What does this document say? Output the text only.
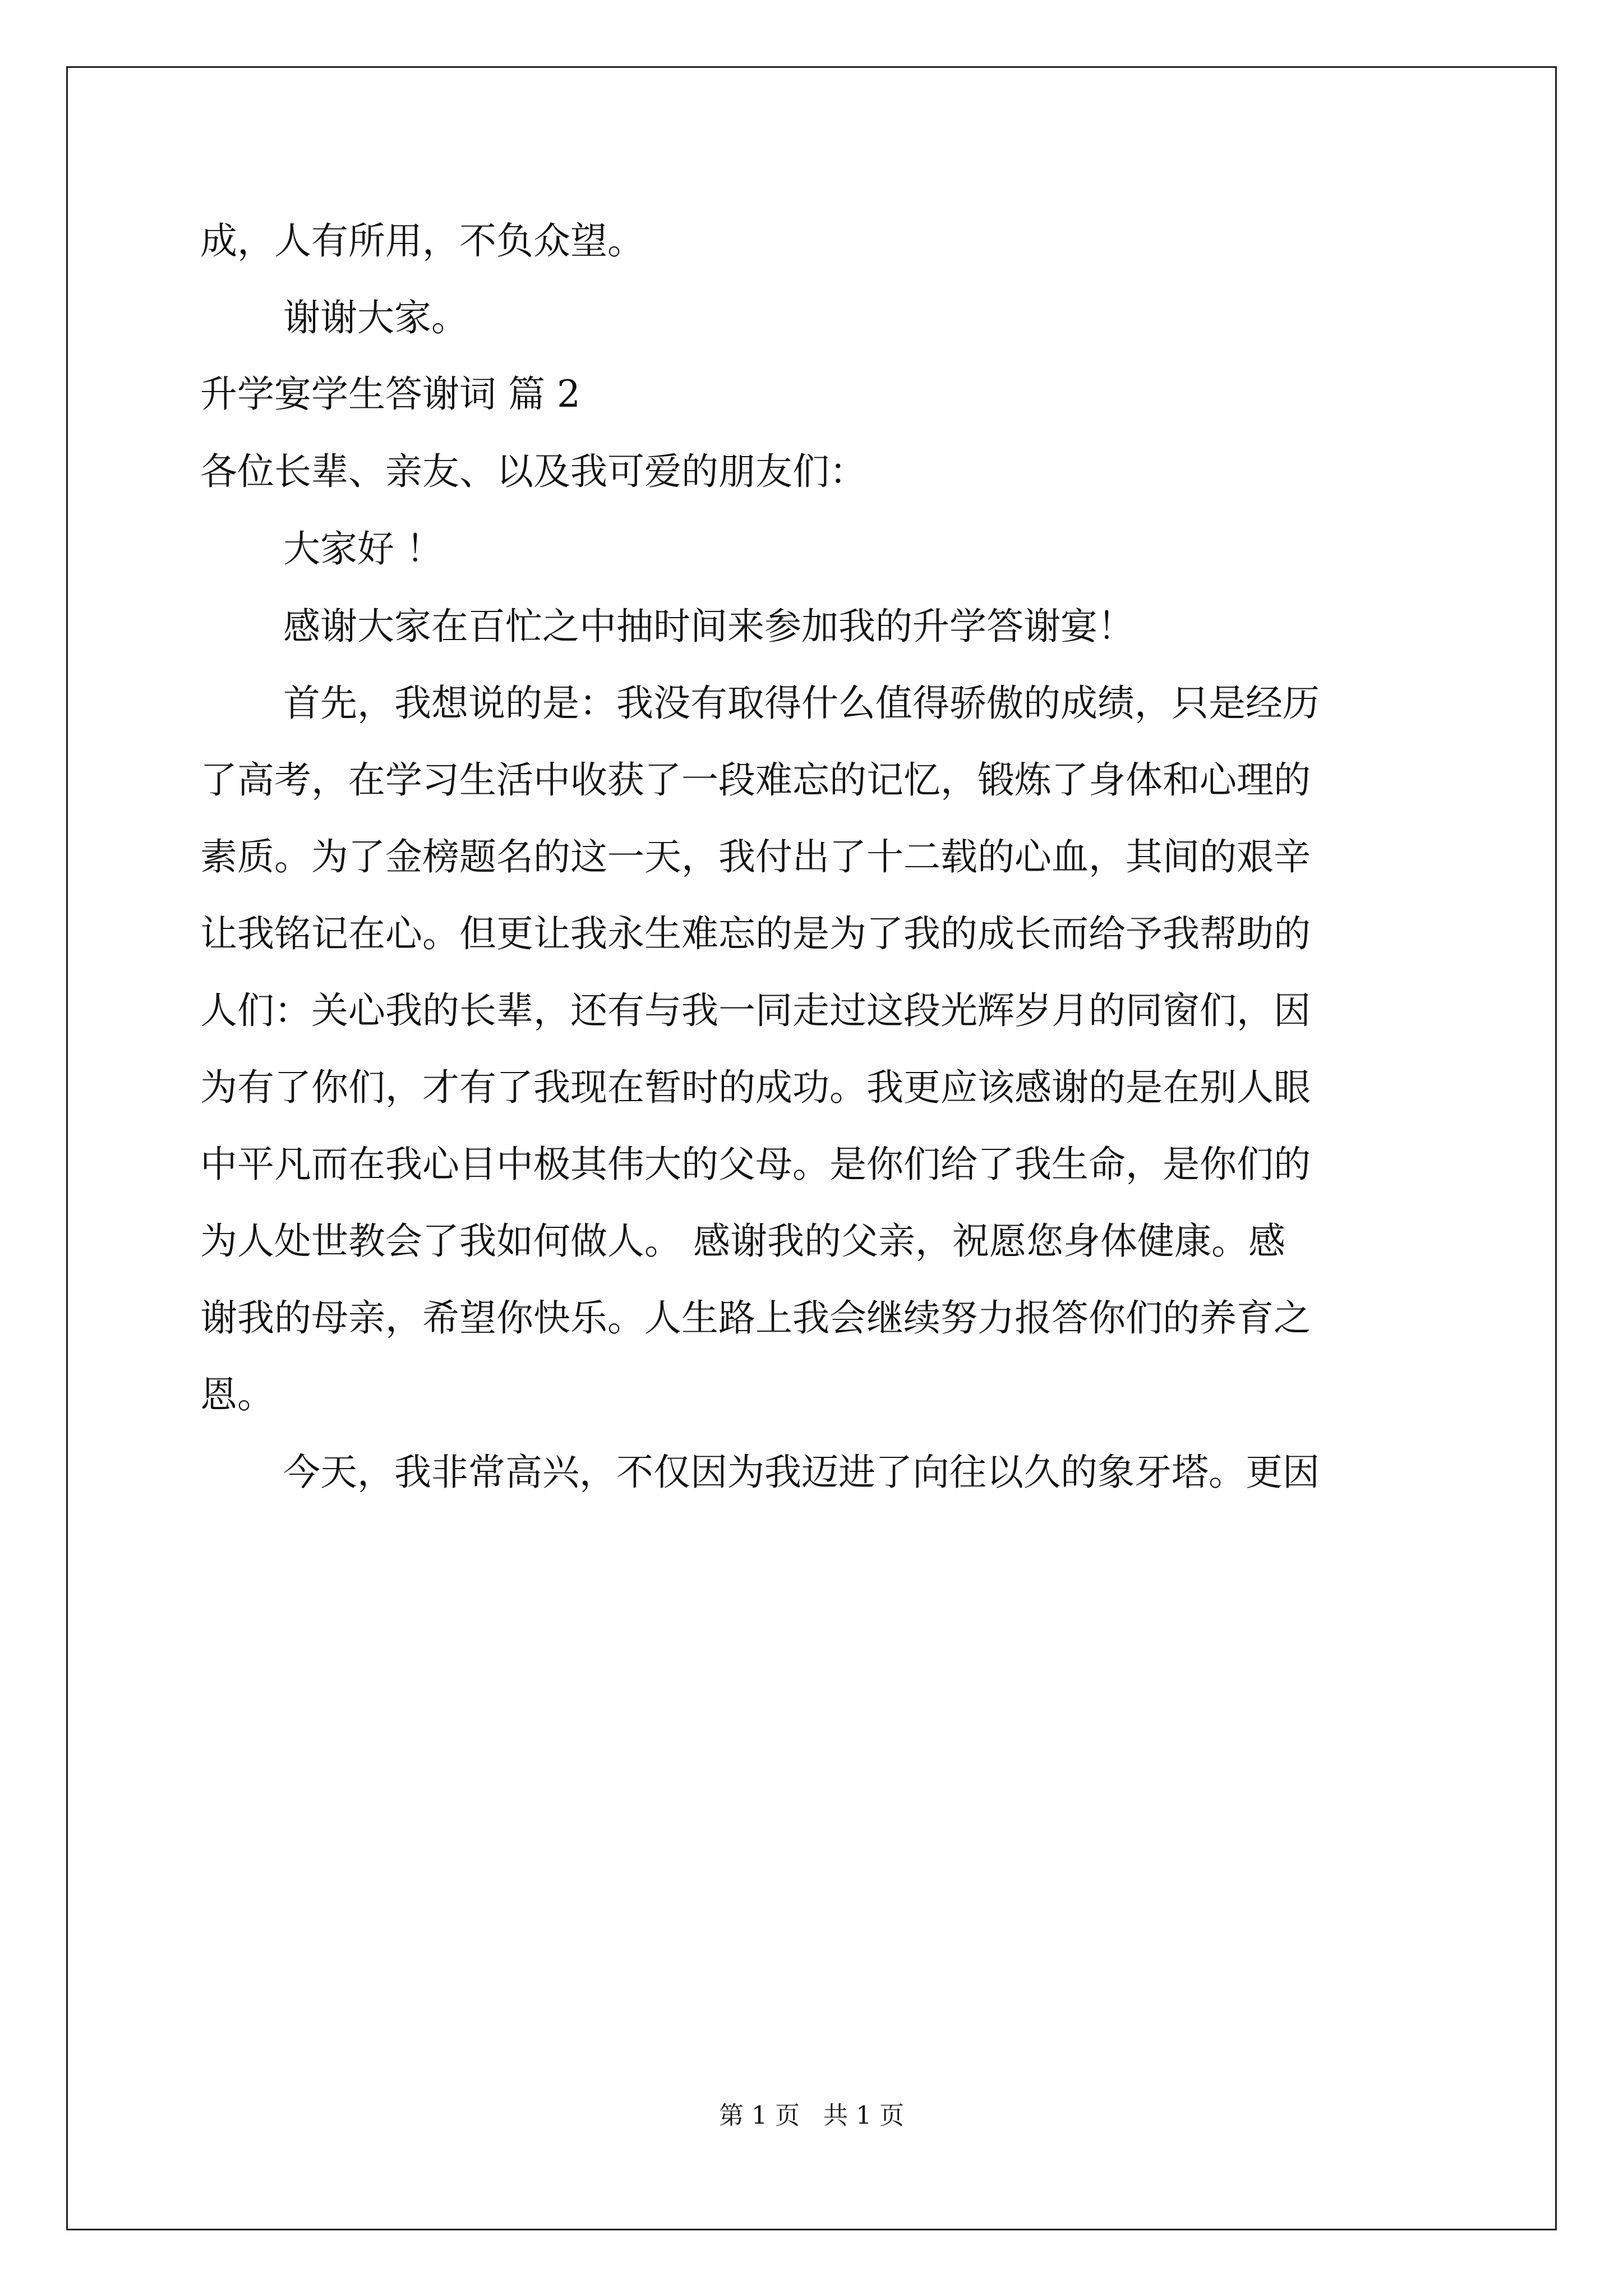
成，人有所用，不负众望。
谢谢大家。
升学宴学生答谢词 篇 2
各位长辈、亲友、以及我可爱的朋友们：
大家好 ！
感谢大家在百忙之中抽时间来参加我的升学答谢宴！
首先，我想说的是：我没有取得什么值得骄傲的成绩，只是经历
了高考，在学习生活中收获了一段难忘的记忆，锻炼了身体和心理的
素质。为了金榜题名的这一天，我付出了十二载的心血，其间的艰辛
让我铭记在心。但更让我永生难忘的是为了我的成长而给予我帮助的
人们：关心我的长辈，还有与我一同走过这段光辉岁月的同窗们，因
为有了你们，才有了我现在暂时的成功。我更应该感谢的是在别人眼
中平凡而在我心目中极其伟大的父母。是你们给了我生命，是你们的
为人处世教会了我如何做人。 感谢我的父亲，祝愿您身体健康。感
谢我的母亲，希望你快乐。人生路上我会继续努力报答你们的养育之
恩。
今天，我非常高兴，不仅因为我迈进了向往以久的象牙塔。更因
第 1 页   共 1 页
